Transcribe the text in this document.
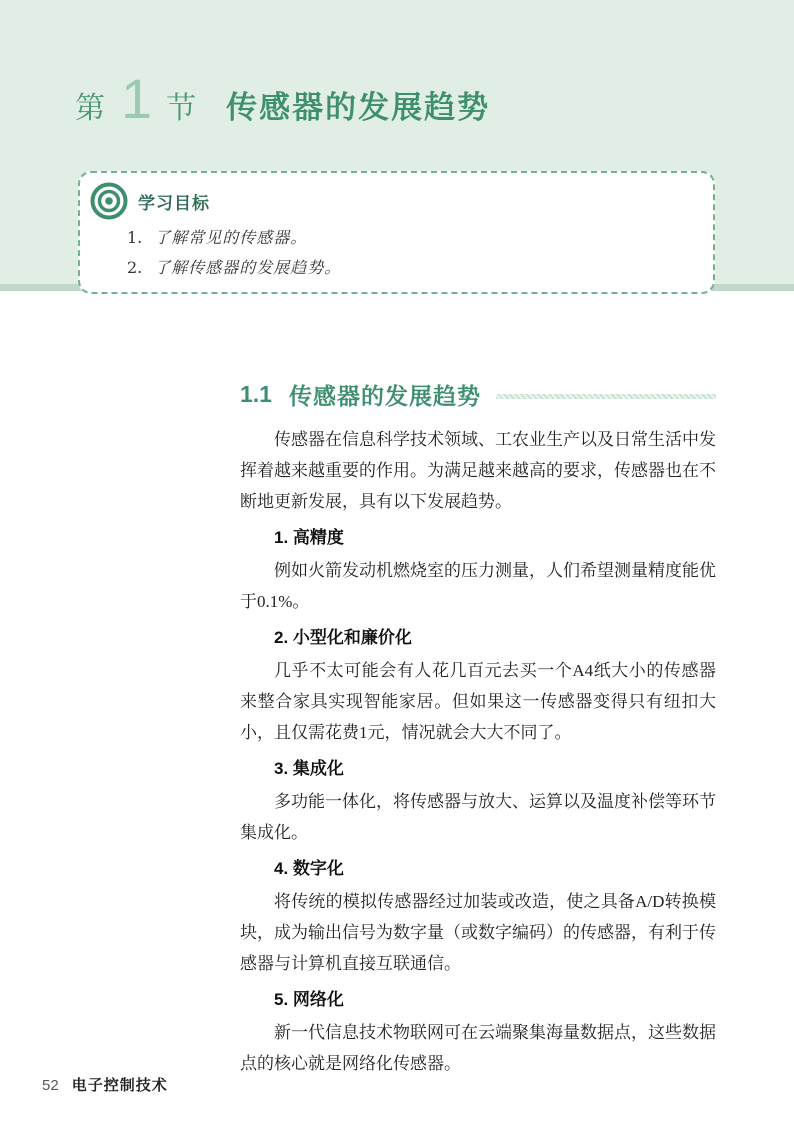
第 1 节 传感器的发展趋势
学习目标
1. 了解常见的传感器。
2. 了解传感器的发展趋势。
1.1 传感器的发展趋势

传感器在信息科学技术领域、工农业生产以及日常生活中发挥着越来越重要的作用。为满足越来越高的要求，传感器也在不断地更新发展，具有以下发展趋势。

1. 高精度

例如火箭发动机燃烧室的压力测量，人们希望测量精度能优于0.1%。

2. 小型化和廉价化

几乎不太可能会有人花几百元去买一个A4纸大小的传感器来整合家具实现智能家居。但如果这一传感器变得只有纽扣大小，且仅需花费1元，情况就会大大不同了。

3. 集成化

多功能一体化，将传感器与放大、运算以及温度补偿等环节集成化。

4. 数字化

将传统的模拟传感器经过加装或改造，使之具备A/D转换模块，成为输出信号为数字量（或数字编码）的传感器，有利于传感器与计算机直接互联通信。

5. 网络化

新一代信息技术物联网可在云端聚集海量数据点，这些数据点的核心就是网络化传感器。

52 电子控制技术
